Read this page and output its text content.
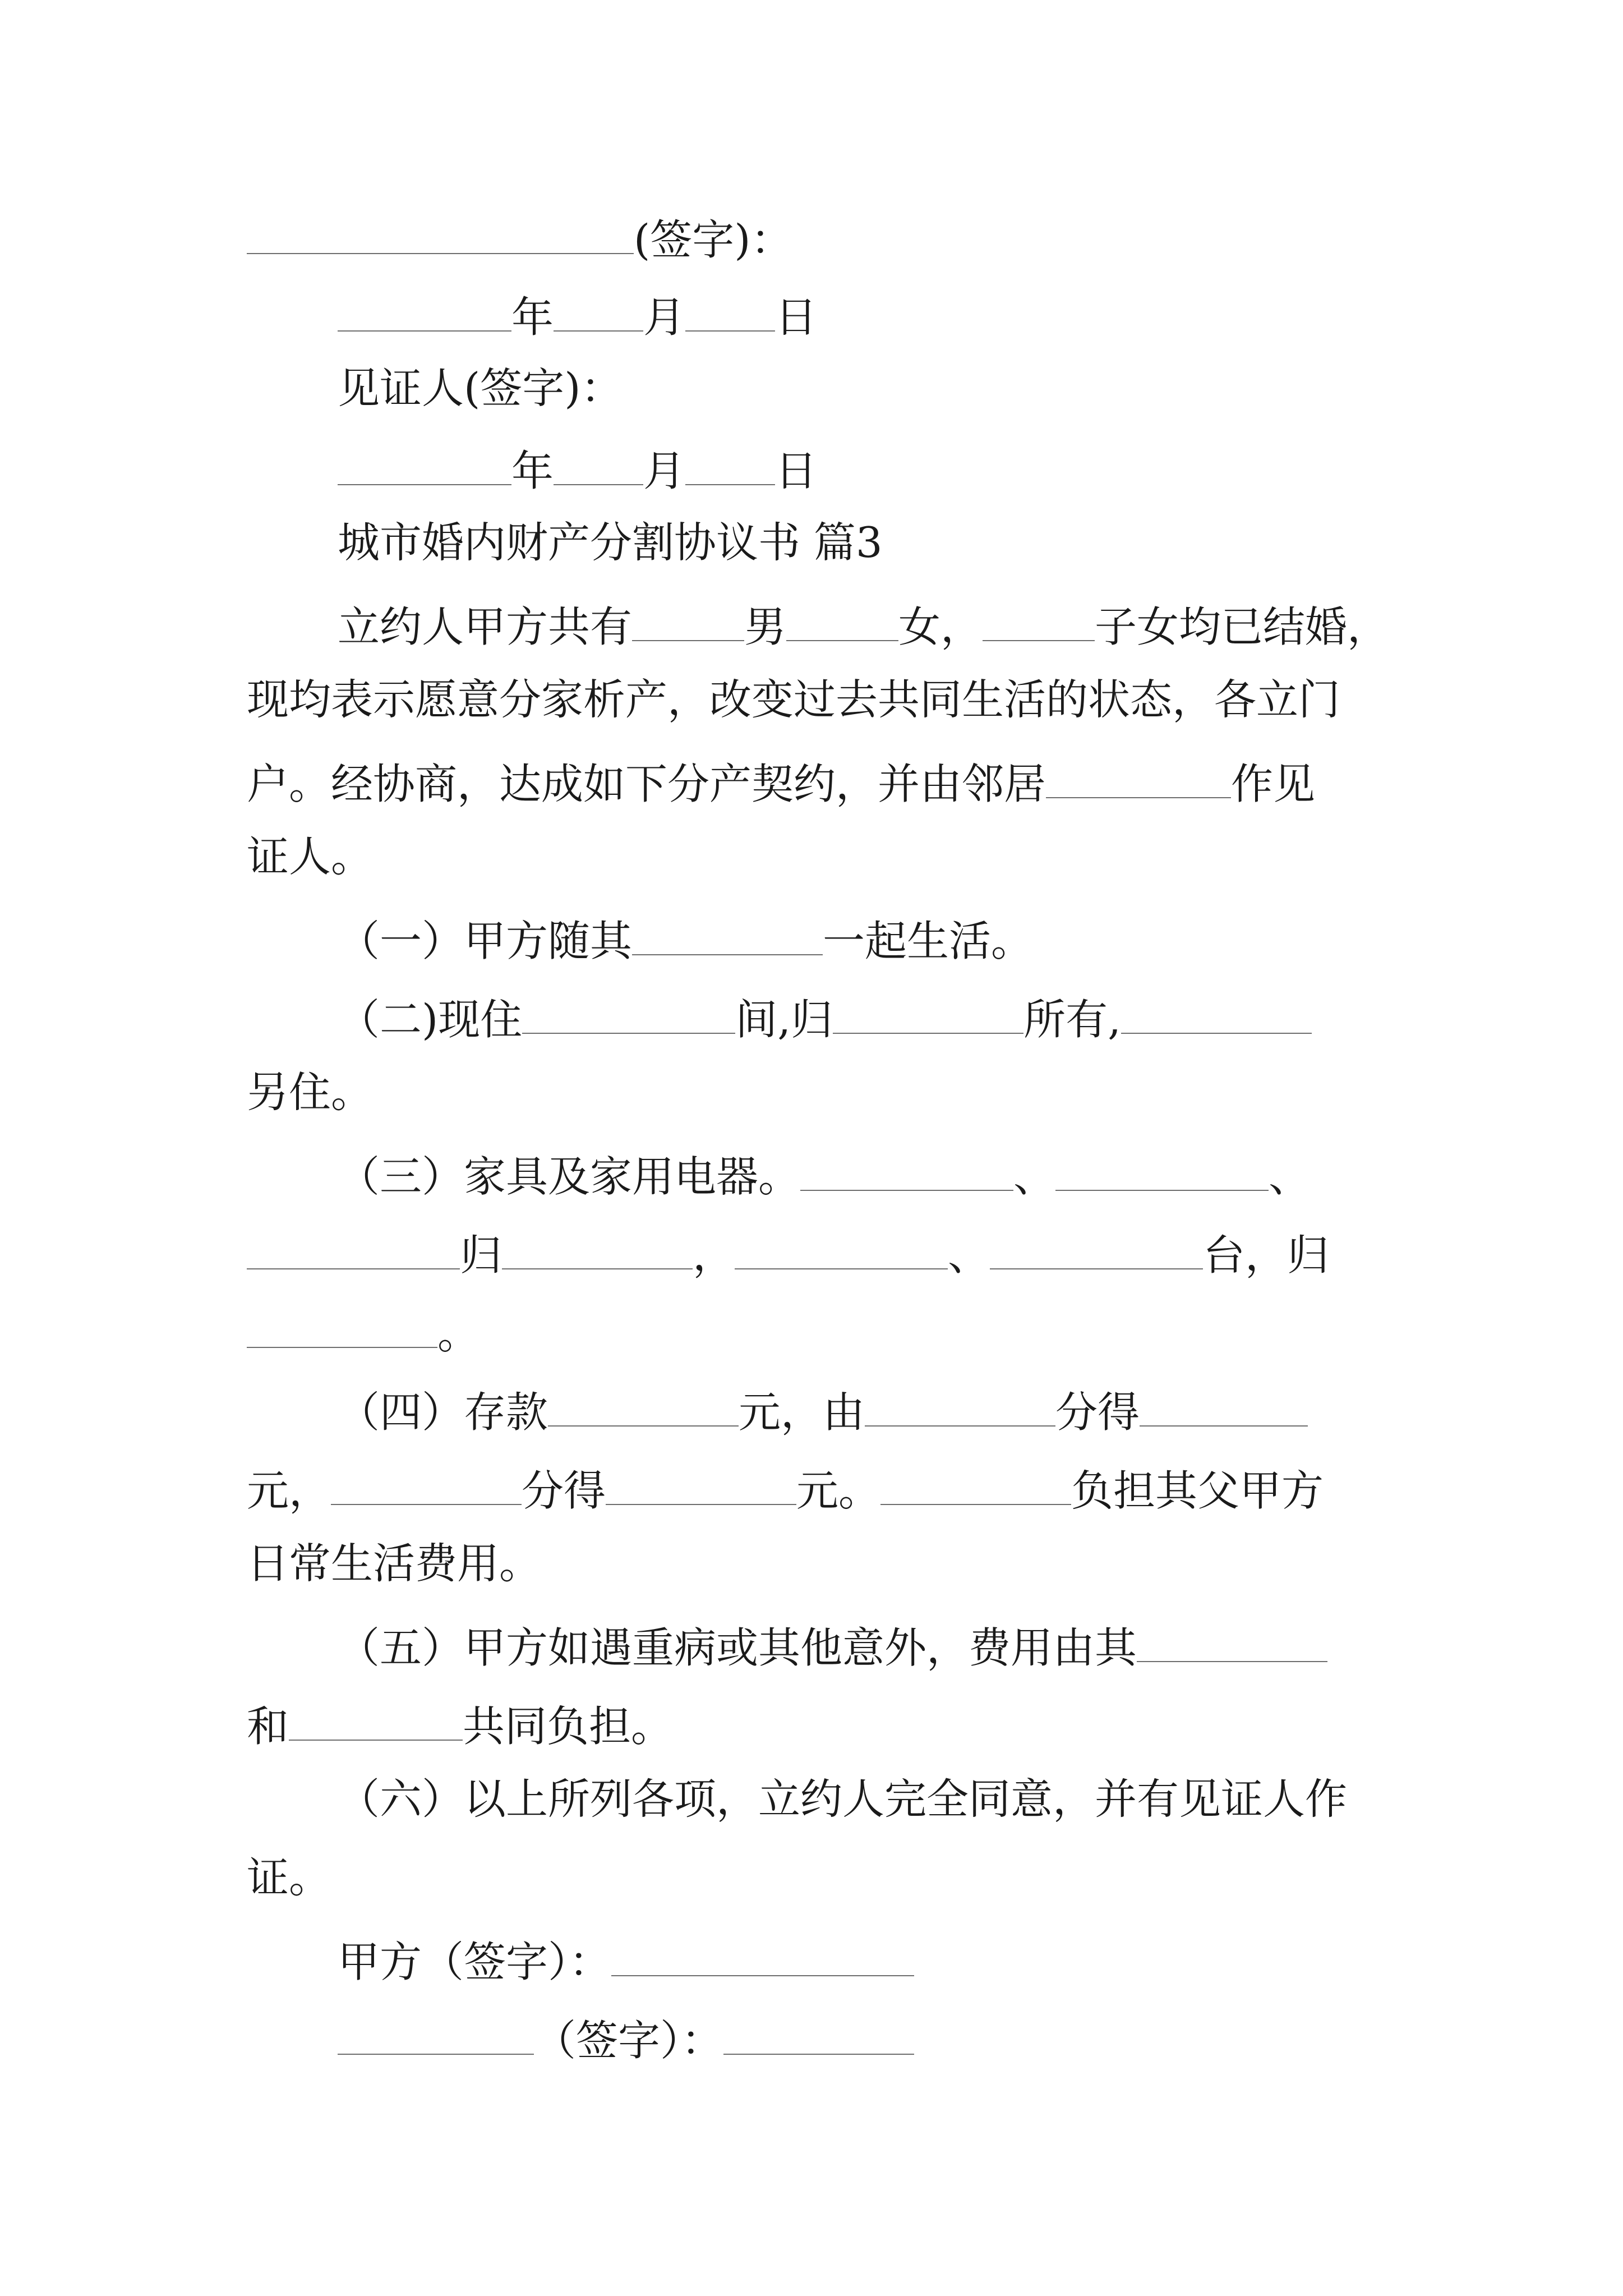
(签字)：
年 月 日
见证人(签字)：
年 月 日
城市婚内财产分割协议书 篇3
立约人甲方共有	男	女，	子女均已结婚，
现均表示愿意分家析产，改变过去共同生活的状态，各立门
户。经协商，达成如下分产契约，并由邻居	作见
证人。
（一）甲方随其	一起生活。
（二)现住	间,归	所有,
另住。
（三）家具及家用电器。	、	、
归	，	、	台，归
。
（四）存款	元，由	分得
元，	分得	元。	负担其父甲方
日常生活费用。
（五）甲方如遇重病或其他意外，费用由其
和	共同负担。
（六）以上所列各项，立约人完全同意，并有见证人作
证。
甲方（签字）：
（签字）：
